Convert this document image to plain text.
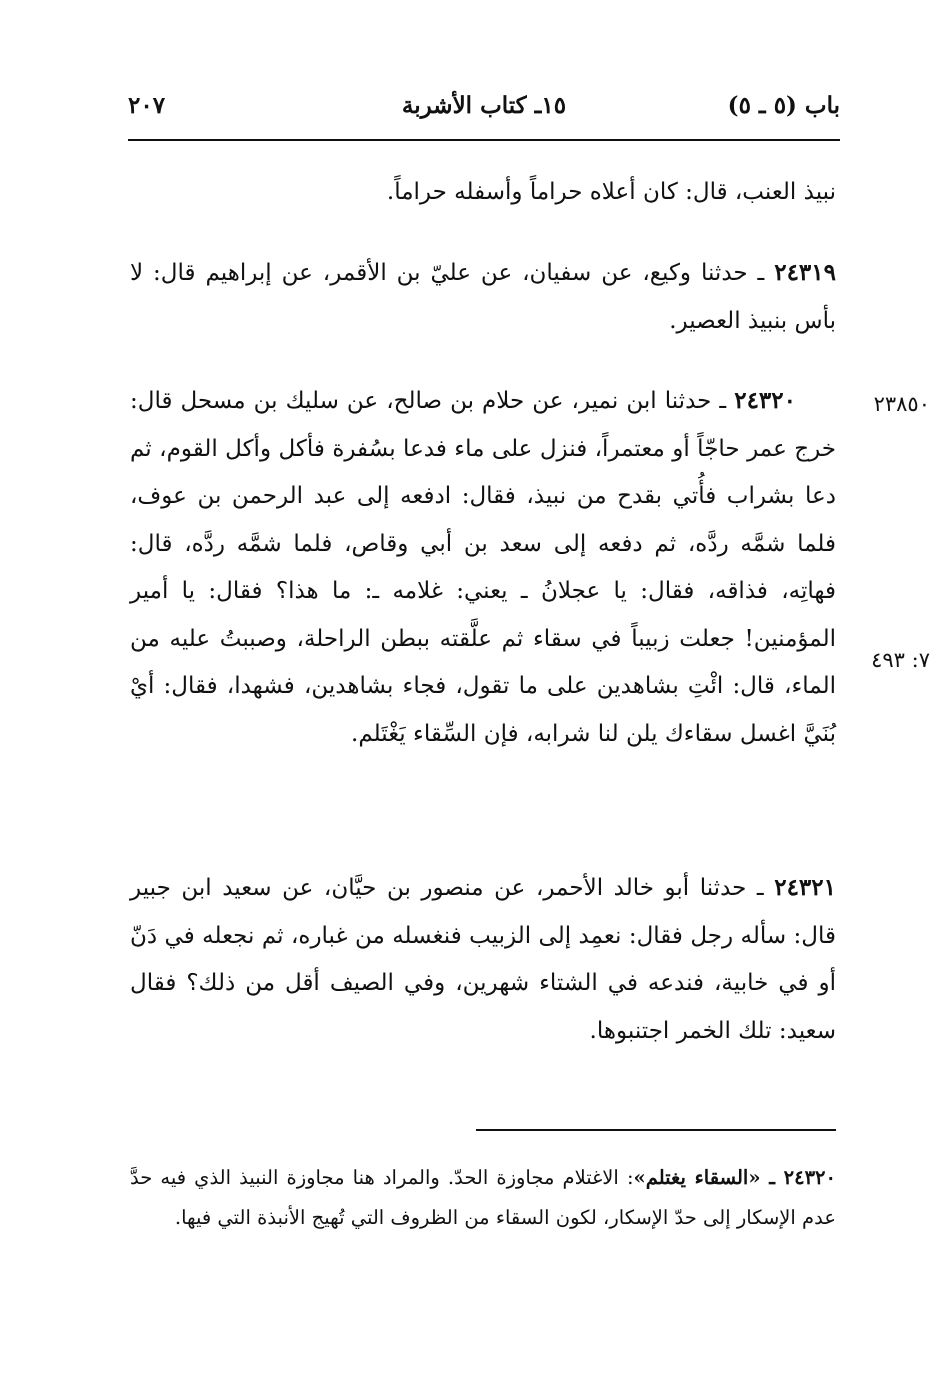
باب (٥ ـ ٥)
١٥ـ كتاب الأشربة
٢٠٧
نبيذ العنب، قال: كان أعلاه حراماً وأسفله حراماً.
٢٤٣١٩ ـ حدثنا وكيع، عن سفيان، عن عليّ بن الأقمر، عن إبراهيم قال: لا بأس بنبيذ العصير.
٢٣٨٥٠
٢٤٣٢٠ ـ حدثنا ابن نمير، عن حلام بن صالح، عن سليك بن مسحل قال: خرج عمر حاجّاً أو معتمراً، فنزل على ماء فدعا بسُفرة فأكل وأكل القوم، ثم دعا بشراب فأُتي بقدح من نبيذ، فقال: ادفعه إلى عبد الرحمن بن عوف، فلما شمَّه ردَّه، ثم دفعه إلى سعد بن أبي وقاص، فلما شمَّه ردَّه، قال: فهاتِه، فذاقه، فقال: يا عجلانُ ـ يعني: غلامه ـ: ما هذا؟ فقال: يا أمير المؤمنين! جعلت زبيباً في سقاء ثم علَّقته ببطن الراحلة، وصببتُ عليه من الماء، قال: ائْتِ بشاهدين على ما تقول، فجاء بشاهدين، فشهدا، فقال: أيْ بُنَيَّ اغسل سقاءك يلن لنا شرابه، فإن السِّقاء يَغْتَلم.
٧: ٤٩٣
٢٤٣٢١ ـ حدثنا أبو خالد الأحمر، عن منصور بن حيَّان، عن سعيد ابن جبير قال: سأله رجل فقال: نعمِد إلى الزبيب فنغسله من غباره، ثم نجعله في دَنّ أو في خابية، فندعه في الشتاء شهرين، وفي الصيف أقل من ذلك؟ فقال سعيد: تلك الخمر اجتنبوها.
٢٤٣٢٠ ـ «السقاء يغتلم»: الاغتلام مجاوزة الحدّ. والمراد هنا مجاوزة النبيذ الذي فيه حدَّ عدم الإسكار إلى حدّ الإسكار، لكون السقاء من الظروف التي تُهيج الأنبذة التي فيها.
